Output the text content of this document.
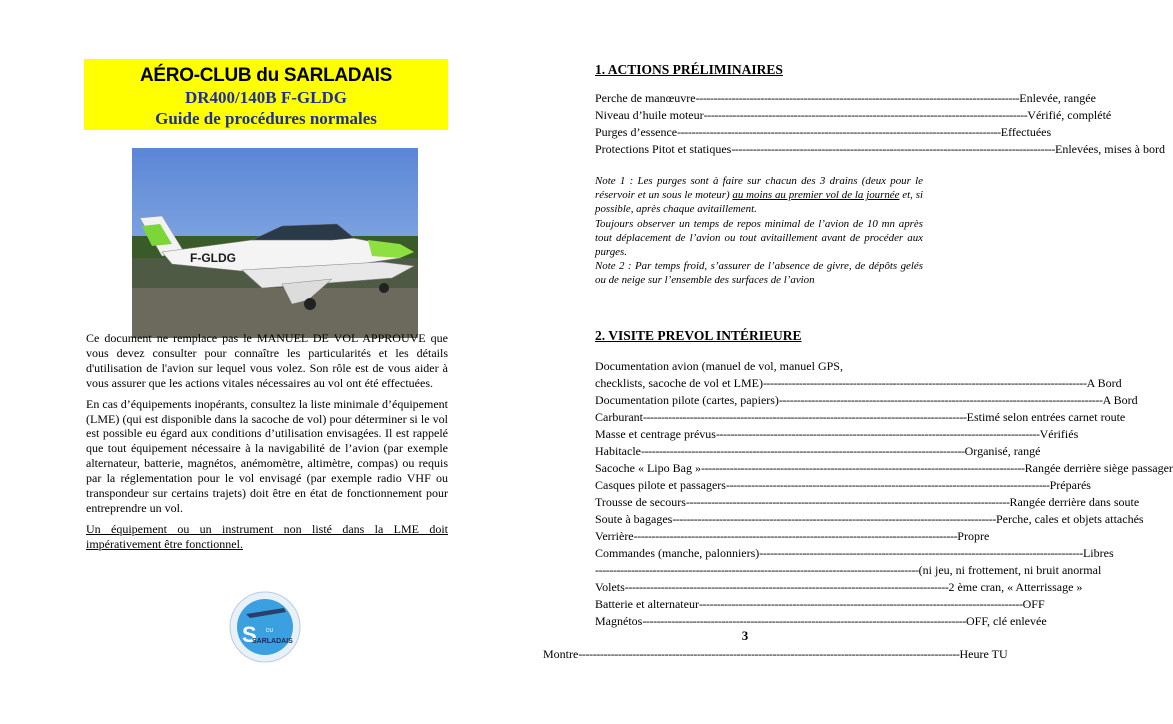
AÉRO-CLUB du SARLADAIS
DR400/140B F-GLDG
Guide de procédures normales
F-GLDG

Ce document ne remplace pas le MANUEL DE VOL APPROUVE que vous devez consulter pour connaître les particularités et les détails d'utilisation de l'avion sur lequel vous volez. Son rôle est de vous aider à vous assurer que les actions vitales nécessaires au vol ont été effectuées.

En cas d’équipements inopérants, consultez la liste minimale d’équipement (LME) (qui est disponible dans la sacoche de vol) pour déterminer si le vol est possible eu égard aux conditions d’utilisation envisagées. Il est rappelé que tout équipement nécessaire à la navigabilité de l’avion (par exemple alternateur, batterie, magnétos, anémomètre, altimètre, compas) ou requis par la réglementation pour le vol envisagé (par exemple radio VHF ou transpondeur sur certains trajets) doit être en état de fonctionnement pour entreprendre un vol.

Un équipement ou un instrument non listé dans la LME doit impérativement être fonctionnel.

S DU
SARLADAIS
1. ACTIONS PRÉLIMINAIRES
Perche de manœuvre ------------------------------------------------------------------------------------------ Enlevée, rangée
Niveau d’huile moteur ------------------------------------------------------------------------------------------ Vérifié, complété
Purges d’essence ------------------------------------------------------------------------------------------ Effectuées
Protections Pitot et statiques ------------------------------------------------------------------------------------------ Enlevées, mises à bord

Note 1 : Les purges sont à faire sur chacun des 3 drains (deux pour le réservoir et un sous le moteur) au moins au premier vol de la journée et, si possible, après chaque avitaillement.

Toujours observer un temps de repos minimal de l’avion de 10 mn après tout déplacement de l’avion ou tout avitaillement avant de procéder aux purges.

Note 2 : Par temps froid, s’assurer de l’absence de givre, de dépôts gelés ou de neige sur l’ensemble des surfaces de l’avion

2. VISITE PREVOL INTÉRIEURE
Documentation avion (manuel de vol, manuel GPS,
checklists, sacoche de vol et LME) ------------------------------------------------------------------------------------------ A Bord
Documentation pilote (cartes, papiers) ------------------------------------------------------------------------------------------ A Bord
Carburant ------------------------------------------------------------------------------------------ Estimé selon entrées carnet route
Masse et centrage prévus ------------------------------------------------------------------------------------------ Vérifiés
Habitacle ------------------------------------------------------------------------------------------ Organisé, rangé
Sacoche « Lipo Bag » ------------------------------------------------------------------------------------------ Rangée derrière siège passager
Casques pilote et passagers ------------------------------------------------------------------------------------------ Préparés
Trousse de secours ------------------------------------------------------------------------------------------ Rangée derrière dans soute
Soute à bagages ------------------------------------------------------------------------------------------ Perche, cales et objets attachés
Verrière ------------------------------------------------------------------------------------------ Propre
Commandes (manche, palonniers) ------------------------------------------------------------------------------------------ Libres
------------------------------------------------------------------------------------------ (ni jeu, ni frottement, ni bruit anormal
Volets ------------------------------------------------------------------------------------------ 2 ème cran, « Atterrissage »
Batterie et alternateur ------------------------------------------------------------------------------------------ OFF
Magnétos ------------------------------------------------------------------------------------------ OFF, clé enlevée
3
Montre ---------------------------------------------------------------------------------------------------------- Heure TU
